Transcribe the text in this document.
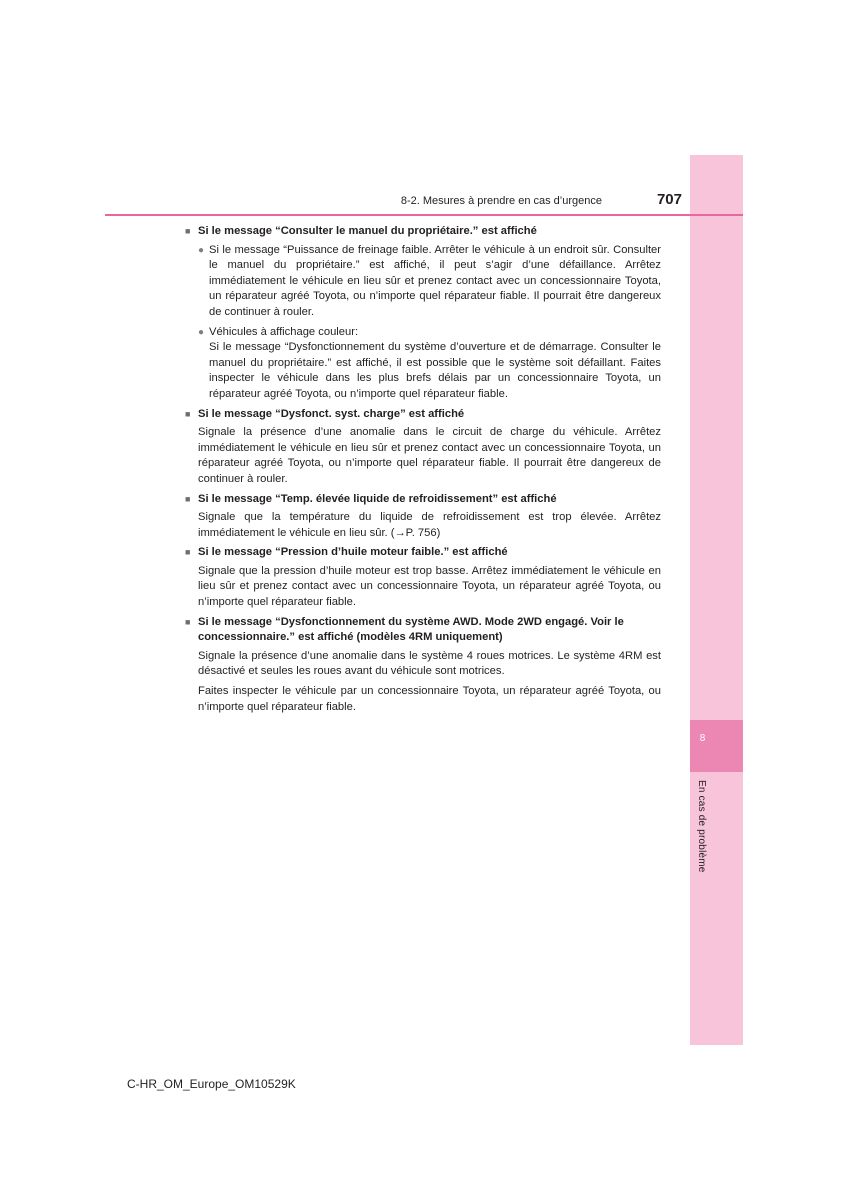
8
En cas de problème
8-2. Mesures à prendre en cas d’urgence	707
■ Si le message “Consulter le manuel du propriétaire.” est affiché
● Si le message “Puissance de freinage faible. Arrêter le véhicule à un endroit sûr. Consulter le manuel du propriétaire.” est affiché, il peut s’agir d’une défaillance. Arrêtez immédiatement le véhicule en lieu sûr et prenez contact avec un concessionnaire Toyota, un réparateur agréé Toyota, ou n’importe quel réparateur fiable. Il pourrait être dangereux de continuer à rouler.
● Véhicules à affichage couleur:
Si le message “Dysfonctionnement du système d’ouverture et de démarrage. Consulter le manuel du propriétaire.” est affiché, il est possible que le système soit défaillant. Faites inspecter le véhicule dans les plus brefs délais par un concessionnaire Toyota, un réparateur agréé Toyota, ou n’importe quel réparateur fiable.
■ Si le message “Dysfonct. syst. charge” est affiché
Signale la présence d’une anomalie dans le circuit de charge du véhicule. Arrêtez immédiatement le véhicule en lieu sûr et prenez contact avec un concessionnaire Toyota, un réparateur agréé Toyota, ou n’importe quel réparateur fiable. Il pourrait être dangereux de continuer à rouler.
■ Si le message “Temp. élevée liquide de refroidissement” est affiché
Signale que la température du liquide de refroidissement est trop élevée. Arrêtez immédiatement le véhicule en lieu sûr. (→P. 756)
■ Si le message “Pression d’huile moteur faible.” est affiché
Signale que la pression d’huile moteur est trop basse. Arrêtez immédiatement le véhicule en lieu sûr et prenez contact avec un concessionnaire Toyota, un réparateur agréé Toyota, ou n’importe quel réparateur fiable.
■ Si le message “Dysfonctionnement du système AWD. Mode 2WD engagé. Voir le concessionnaire.” est affiché (modèles 4RM uniquement)
Signale la présence d’une anomalie dans le système 4 roues motrices. Le système 4RM est désactivé et seules les roues avant du véhicule sont motrices.
Faites inspecter le véhicule par un concessionnaire Toyota, un réparateur agréé Toyota, ou n’importe quel réparateur fiable.
C-HR_OM_Europe_OM10529K
